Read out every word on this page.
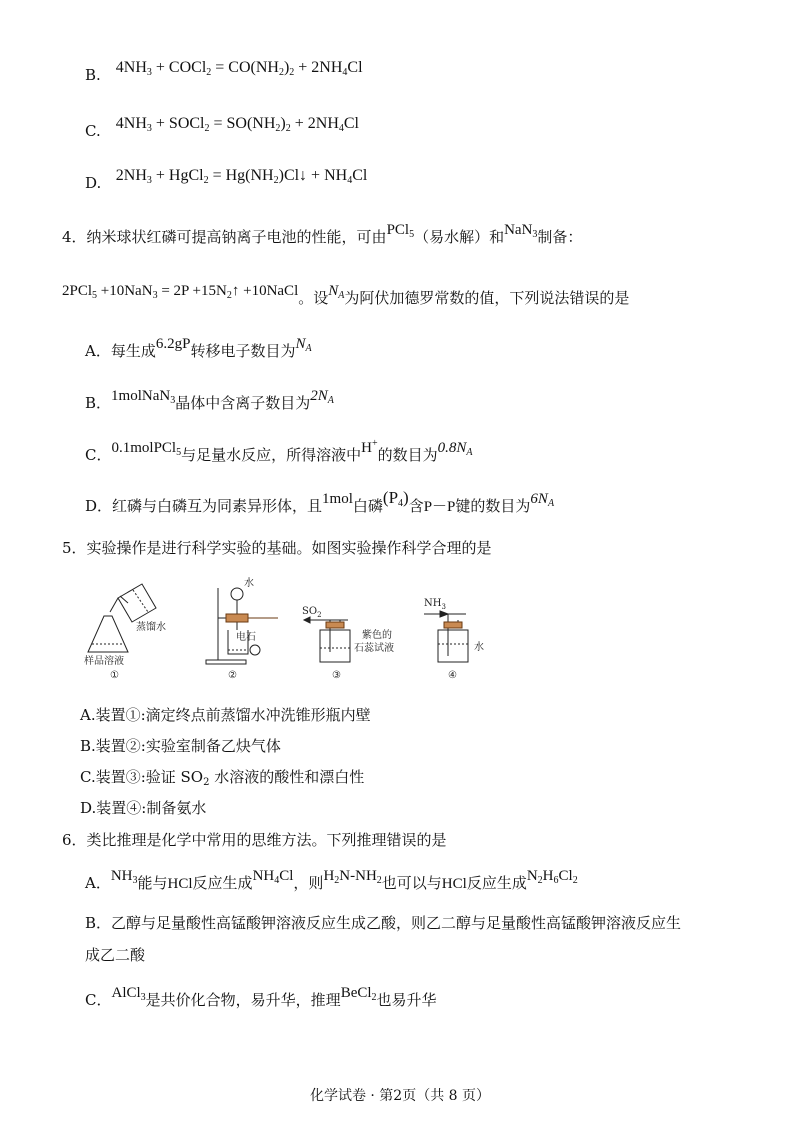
B. $4NH_3$ + COCl$_2$ = $CO(NH_2)_2 + 2NH_4Cl$
C. $4NH_3$ + SOCl$_2$ = $SO(NH_2)_2 + 2NH_4Cl$
D. $2NH_3$ + HgCl$_2$ = $Hg(NH_2)Cl↓ + NH_4Cl$
4．纳米球状红磷可提高钠离子电池的性能，可由PCl$_5$（易水解）和NaN$_3$制备：
$2PCl_5 +10NaN_3 = 2P +15N_2↑$ +10NaCl。设$N_A$为阿伏加德罗常数的值，下列说法错误的是
A．每生成6.2gP转移电子数目为$N_A$
B．1molNaN$_3$晶体中含离子数目为$2N_A$
C．0.1molPCl$_5$与足量水反应，所得溶液中H+的数目为$0.8N_A$
D．红磷与白磷互为同素异形体，且1mol白磷$(P_4)$含P－P键的数目为$6N_A$
5．实验操作是进行科学实验的基础。如图实验操作科学合理的是
蒸馏水
样品溶液
①
水
电石
②
$SO_2$
紫色的
石蕊试液
③
$NH_3$
水
④
A.装置①:滴定终点前蒸馏水冲洗锥形瓶内壁
B.装置②:实验室制备乙炔气体
C.装置③:验证 $SO_2$ 水溶液的酸性和漂白性
D.装置④:制备氨水
6．类比推理是化学中常用的思维方法。下列推理错误的是
A．$NH_3$能与HCl反应生成$NH_4Cl$，则$H_2N-NH_2$也可以与HCl反应生成$N_2H_6Cl_2$
B．乙醇与足量酸性高锰酸钾溶液反应生成乙酸，则乙二醇与足量酸性高锰酸钾溶液反应生
成乙二酸
C．AlCl$_3$是共价化合物，易升华，推理BeCl$_2$也易升华
化学试卷 · 第2页（共 8 页）
